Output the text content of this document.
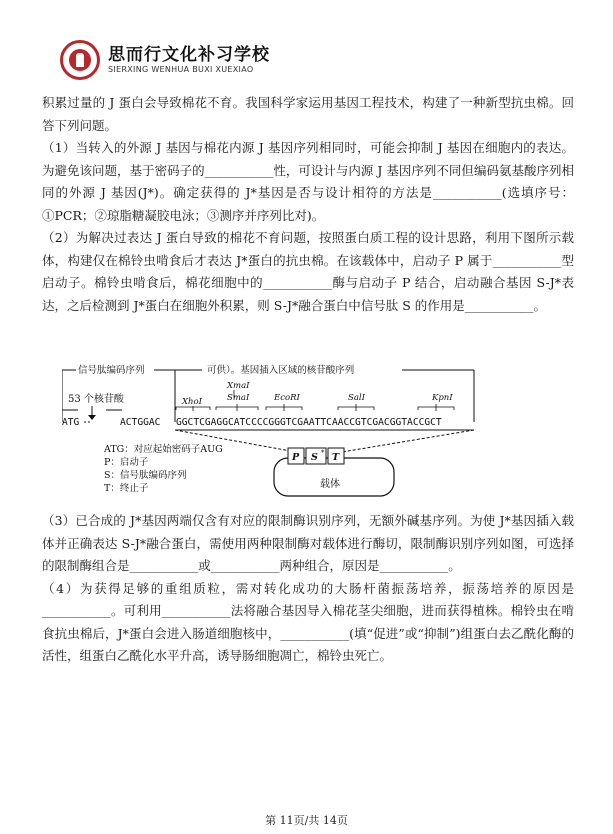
思而行文化补习学校
SIERXING WENHUA BUXI XUEXIAO

积累过量的 J 蛋白会导致棉花不育。我国科学家运用基因工程技术，构建了一种新型抗虫棉。回答下列问题。

（1）当转入的外源 J 基因与棉花内源 J 基因序列相同时，可能会抑制 J 基因在细胞内的表达。为避免该问题，基于密码子的___________性，可设计与内源 J 基因序列不同但编码氨基酸序列相同的外源 J 基因(J*)。确定获得的 J*基因是否与设计相符的方法是___________(选填序号：①PCR；②琼脂糖凝胶电泳；③测序并序列比对)。

（2）为解决过表达 J 蛋白导致的棉花不育问题，按照蛋白质工程的设计思路，利用下图所示载体，构建仅在棉铃虫啃食后才表达 J*蛋白的抗虫棉。在该载体中，启动子 P 属于___________型启动子。棉铃虫啃食后，棉花细胞中的___________酶与启动子 P 结合，启动融合基因 S-J*表达，之后检测到 J*蛋白在细胞外积累，则 S-J*融合蛋白中信号肽 S 的作用是___________。

信号肽编码序列	可供）。基因插入区域的核苷酸序列
53 个核苷酸
XmaⅠ
XhoⅠ	SmaⅠ	EcoRⅠ	SalⅠ	KpnⅠ
ATG	ACTGGAC GGCTCGAGGCATCCCCGGGTCGAATTCAACCGTCGACGGTACCGCT
ATG：对应起始密码子AUG
P：启动子
S：信号肽编码序列
T：终止子
P S * T
载体

（3）已合成的 J*基因两端仅含有对应的限制酶识别序列，无额外碱基序列。为使 J*基因插入载体并正确表达 S-J*融合蛋白，需使用两种限制酶对载体进行酶切，限制酶识别序列如图，可选择的限制酶组合是___________或___________两种组合，原因是___________。

（4）为获得足够的重组质粒，需对转化成功的大肠杆菌振荡培养，振荡培养的原因是___________。可利用___________法将融合基因导入棉花茎尖细胞，进而获得植株。棉铃虫在啃食抗虫棉后，J*蛋白会进入肠道细胞核中，___________(填“促进”或“抑制”)组蛋白去乙酰化酶的活性，组蛋白乙酰化水平升高，诱导肠细胞凋亡，棉铃虫死亡。

第 11页/共 14页
